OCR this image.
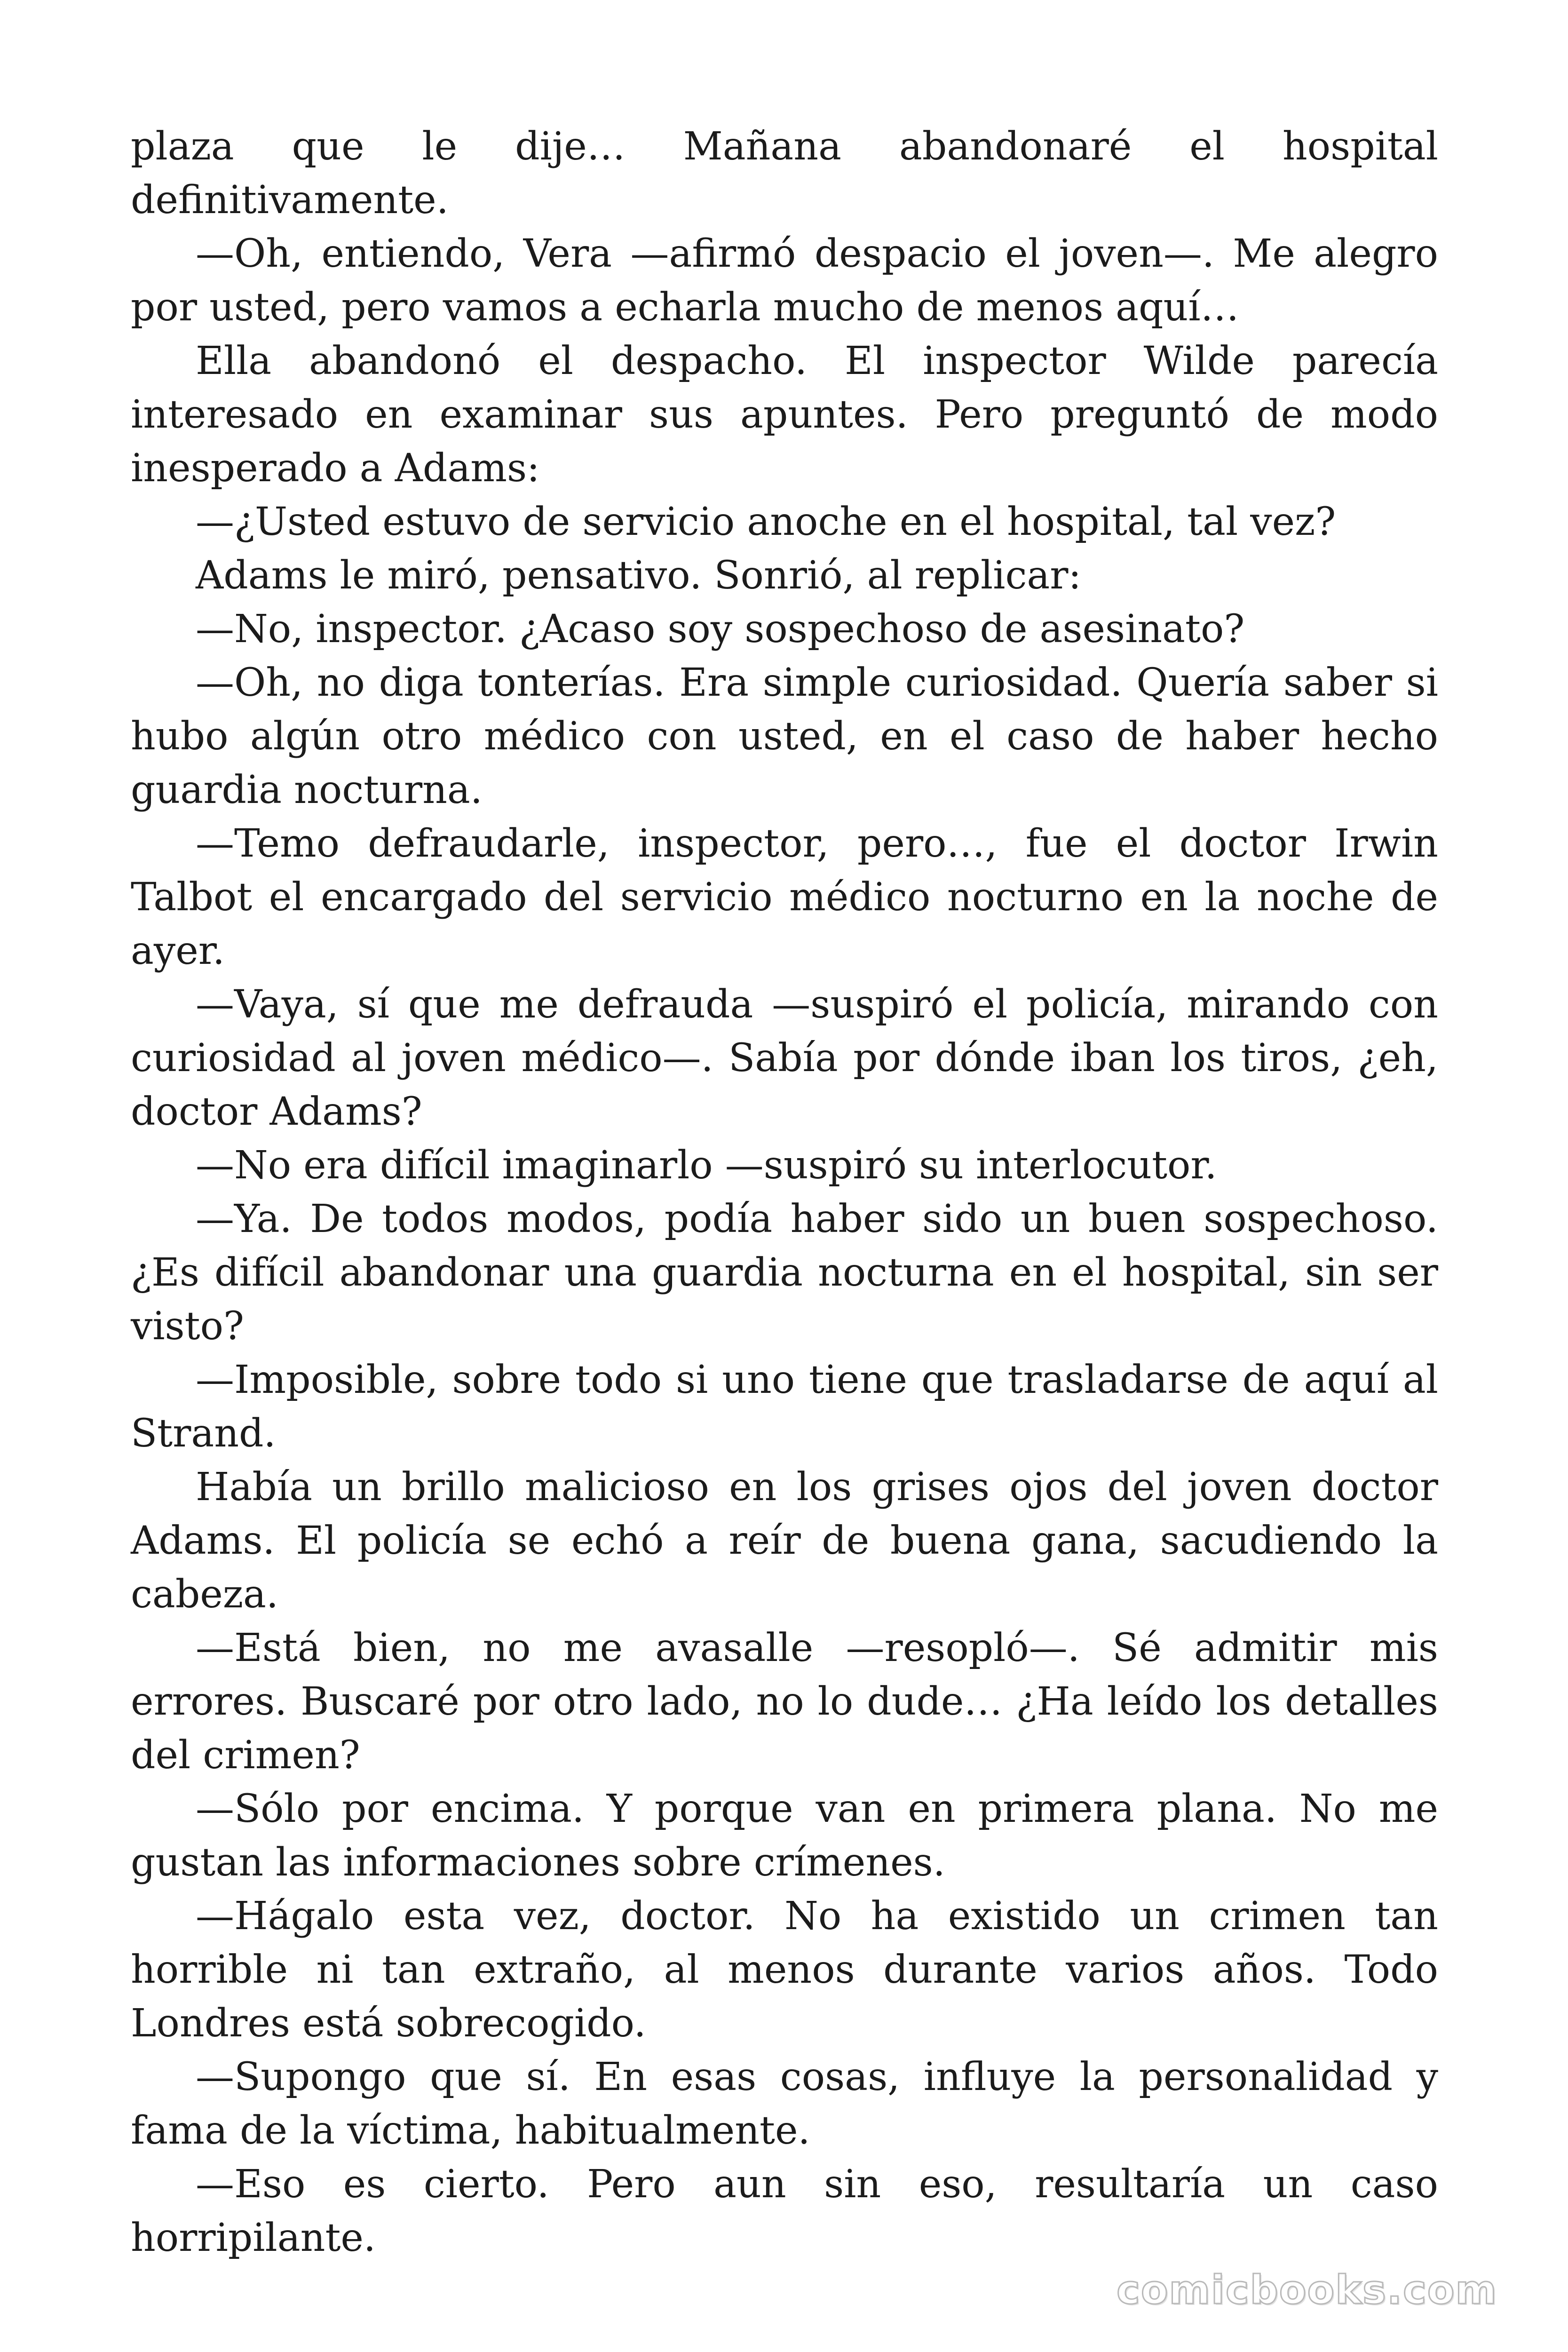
plaza que le dije… Mañana abandonaré el hospital definitivamente.

—Oh, entiendo, Vera —afirmó despacio el joven—. Me alegro por usted, pero vamos a echarla mucho de menos aquí…

Ella abandonó el despacho. El inspector Wilde parecía interesado en examinar sus apuntes. Pero preguntó de modo inesperado a Adams:

—¿Usted estuvo de servicio anoche en el hospital, tal vez?

Adams le miró, pensativo. Sonrió, al replicar:

—No, inspector. ¿Acaso soy sospechoso de asesinato?

—Oh, no diga tonterías. Era simple curiosidad. Quería saber si hubo algún otro médico con usted, en el caso de haber hecho guardia nocturna.

—Temo defraudarle, inspector, pero…, fue el doctor Irwin Talbot el encargado del servicio médico nocturno en la noche de ayer.

—Vaya, sí que me defrauda —suspiró el policía, mirando con curiosidad al joven médico—. Sabía por dónde iban los tiros, ¿eh, doctor Adams?

—No era difícil imaginarlo —suspiró su interlocutor.

—Ya. De todos modos, podía haber sido un buen sospechoso. ¿Es difícil abandonar una guardia nocturna en el hospital, sin ser visto?

—Imposible, sobre todo si uno tiene que trasladarse de aquí al Strand.

Había un brillo malicioso en los grises ojos del joven doctor Adams. El policía se echó a reír de buena gana, sacudiendo la cabeza.

—Está bien, no me avasalle —resopló—. Sé admitir mis errores. Buscaré por otro lado, no lo dude… ¿Ha leído los detalles del crimen?

—Sólo por encima. Y porque van en primera plana. No me gustan las informaciones sobre crímenes.

—Hágalo esta vez, doctor. No ha existido un crimen tan horrible ni tan extraño, al menos durante varios años. Todo Londres está sobrecogido.

—Supongo que sí. En esas cosas, influye la personalidad y fama de la víctima, habitualmente.

—Eso es cierto. Pero aun sin eso, resultaría un caso horripilante.

comicbooks.com
